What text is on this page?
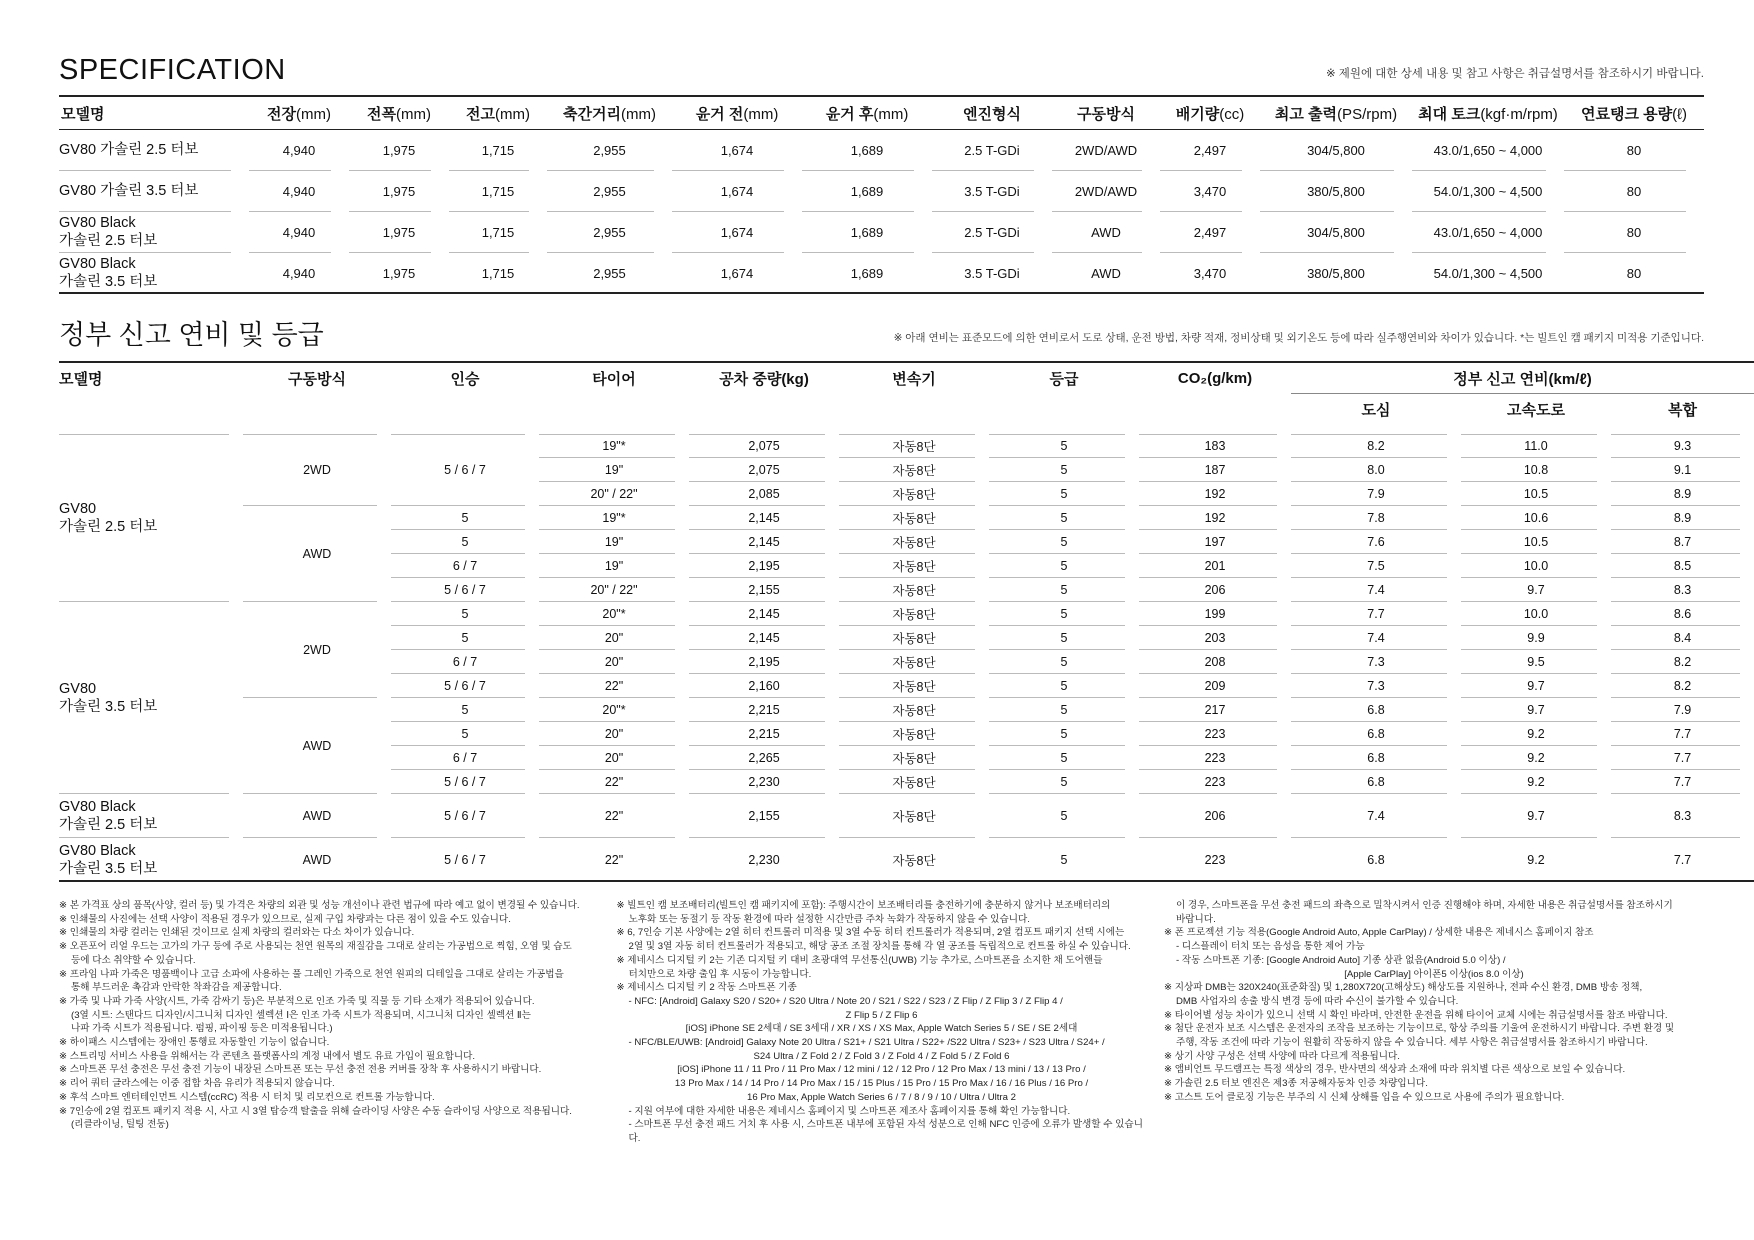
SPECIFICATION	※ 제원에 대한 상세 내용 및 참고 사항은 취급설명서를 참조하시기 바랍니다.
모델명	전장(mm)	전폭(mm)	전고(mm)	축간거리(mm)	윤거 전(mm)	윤거 후(mm)	엔진형식	구동방식	배기량(cc)	최고 출력(PS/rpm)	최대 토크(kgf·m/rpm)	연료탱크 용량(ℓ)
GV80 가솔린 2.5 터보	4,940	1,975	1,715	2,955	1,674	1,689	2.5 T-GDi	2WD/AWD	2,497	304/5,800	43.0/1,650 ~ 4,000	80
GV80 가솔린 3.5 터보	4,940	1,975	1,715	2,955	1,674	1,689	3.5 T-GDi	2WD/AWD	3,470	380/5,800	54.0/1,300 ~ 4,500	80
GV80 Black
가솔린 2.5 터보	4,940	1,975	1,715	2,955	1,674	1,689	2.5 T-GDi	AWD	2,497	304/5,800	43.0/1,650 ~ 4,000	80
GV80 Black
가솔린 3.5 터보	4,940	1,975	1,715	2,955	1,674	1,689	3.5 T-GDi	AWD	3,470	380/5,800	54.0/1,300 ~ 4,500	80
정부 신고 연비 및 등급	※ 아래 연비는 표준모드에 의한 연비로서 도로 상태, 운전 방법, 차량 적재, 정비상태 및 외기온도 등에 따라 실주행연비와 차이가 있습니다. *는 빌트인 캠 패키지 미적용 기준입니다.
모델명	구동방식	인승	타이어	공차 중량(kg)	변속기	등급	CO₂(g/km)	정부 신고 연비(km/ℓ)		
								도심	고속도로	복합

GV80
가솔린 2.5 터보	2WD	5 / 6 / 7	19"*	2,075	자동8단	5	183	8.2	11.0	9.3
			19"	2,075	자동8단	5	187	8.0	10.8	9.1
			20" / 22"	2,085	자동8단	5	192	7.9	10.5	8.9
	AWD	5	19"*	2,145	자동8단	5	192	7.8	10.6	8.9
		5	19"	2,145	자동8단	5	197	7.6	10.5	8.7
		6 / 7	19"	2,195	자동8단	5	201	7.5	10.0	8.5
		5 / 6 / 7	20" / 22"	2,155	자동8단	5	206	7.4	9.7	8.3
GV80
가솔린 3.5 터보	2WD	5	20"*	2,145	자동8단	5	199	7.7	10.0	8.6
		5	20"	2,145	자동8단	5	203	7.4	9.9	8.4
		6 / 7	20"	2,195	자동8단	5	208	7.3	9.5	8.2
		5 / 6 / 7	22"	2,160	자동8단	5	209	7.3	9.7	8.2
	AWD	5	20"*	2,215	자동8단	5	217	6.8	9.7	7.9
		5	20"	2,215	자동8단	5	223	6.8	9.2	7.7
		6 / 7	20"	2,265	자동8단	5	223	6.8	9.2	7.7
		5 / 6 / 7	22"	2,230	자동8단	5	223	6.8	9.2	7.7
GV80 Black
가솔린 2.5 터보	AWD	5 / 6 / 7	22"	2,155	자동8단	5	206	7.4	9.7	8.3
GV80 Black
가솔린 3.5 터보	AWD	5 / 6 / 7	22"	2,230	자동8단	5	223	6.8	9.2	7.7

※ 본 가격표 상의 품목(사양, 컬러 등) 및 가격은 차량의 외관 및 성능 개선이나 관련 법규에 따라 예고 없이 변경될 수 있습니다.

※ 인쇄물의 사진에는 선택 사양이 적용된 경우가 있으므로, 실제 구입 차량과는 다른 점이 있을 수도 있습니다.

※ 인쇄물의 차량 컬러는 인쇄된 것이므로 실제 차량의 컬러와는 다소 차이가 있습니다.

※ 오픈포어 리얼 우드는 고가의 가구 등에 주로 사용되는 천연 원목의 재질감을 그대로 살리는 가공법으로 찍힘, 오염 및 습도

등에 다소 취약할 수 있습니다.

※ 프라임 나파 가죽은 명품백이나 고급 소파에 사용하는 풀 그레인 가죽으로 천연 원피의 디테일을 그대로 살리는 가공법을

통해 부드러운 촉감과 안락한 착좌감을 제공합니다.

※ 가죽 및 나파 가죽 사양(시트, 가죽 감싸기 등)은 부분적으로 인조 가죽 및 직물 등 기타 소재가 적용되어 있습니다.

(3열 시트: 스탠다드 디자인/시그니처 디자인 셀렉션 Ⅰ은 인조 가죽 시트가 적용되며, 시그니처 디자인 셀렉션 Ⅱ는

나파 가죽 시트가 적용됩니다. 펌핑, 파이핑 등은 미적용됩니다.)

※ 하이패스 시스템에는 장애인 통행료 자동할인 기능이 없습니다.

※ 스트리밍 서비스 사용을 위해서는 각 콘텐츠 플랫폼사의 계정 내에서 별도 유료 가입이 필요합니다.

※ 스마트폰 무선 충전은 무선 충전 기능이 내장된 스마트폰 또는 무선 충전 전용 커버를 장착 후 사용하시기 바랍니다.

※ 리어 쿼터 글라스에는 이중 접합 차음 유리가 적용되지 않습니다.

※ 후석 스마트 엔터테인먼트 시스템(ccRC) 적용 시 터치 및 리모컨으로 컨트롤 가능합니다.

※ 7인승에 2열 컴포트 패키지 적용 시, 사고 시 3열 탑승객 탈출을 위해 슬라이딩 사양은 수동 슬라이딩 사양으로 적용됩니다.

(리클라이닝, 틸팅 전동)

※ 빌트인 캠 보조배터리(빌트인 캠 패키지에 포함): 주행시간이 보조배터리를 충전하기에 충분하지 않거나 보조배터리의

노후화 또는 동절기 등 작동 환경에 따라 설정한 시간만큼 주차 녹화가 작동하지 않을 수 있습니다.

※ 6, 7인승 기본 사양에는 2열 히터 컨트롤러 미적용 및 3열 수동 히터 컨트롤러가 적용되며, 2열 컴포트 패키지 선택 시에는

2열 및 3열 자동 히터 컨트롤러가 적용되고, 해당 공조 조절 장치를 통해 각 열 공조를 독립적으로 컨트롤 하실 수 있습니다.

※ 제네시스 디지털 키 2는 기존 디지털 키 대비 초광대역 무선통신(UWB) 기능 추가로, 스마트폰을 소지한 채 도어핸들

터치만으로 차량 출입 후 시동이 가능합니다.

※ 제네시스 디지털 키 2 작동 스마트폰 기종

- NFC: [Android] Galaxy S20 / S20+ / S20 Ultra / Note 20 / S21 / S22 / S23 / Z Flip / Z Flip 3 / Z Flip 4 /

Z Flip 5 / Z Flip 6

[iOS] iPhone SE 2세대 / SE 3세대 / XR / XS / XS Max, Apple Watch Series 5 / SE / SE 2세대

- NFC/BLE/UWB: [Android] Galaxy Note 20 Ultra / S21+ / S21 Ultra / S22+ /S22 Ultra / S23+ / S23 Ultra / S24+ /

S24 Ultra / Z Fold 2 / Z Fold 3 / Z Fold 4 / Z Fold 5 / Z Fold 6

[iOS] iPhone 11 / 11 Pro / 11 Pro Max / 12 mini / 12 / 12 Pro / 12 Pro Max / 13 mini / 13 / 13 Pro /

13 Pro Max / 14 / 14 Pro / 14 Pro Max / 15 / 15 Plus / 15 Pro / 15 Pro Max / 16 / 16 Plus / 16 Pro /

16 Pro Max, Apple Watch Series 6 / 7 / 8 / 9 / 10 / Ultra / Ultra 2

- 지원 여부에 대한 자세한 내용은 제네시스 홈페이지 및 스마트폰 제조사 홈페이지를 통해 확인 가능합니다.

- 스마트폰 무선 충전 패드 거치 후 사용 시, 스마트폰 내부에 포함된 자석 성분으로 인해 NFC 인증에 오류가 발생할 수 있습니다.

이 경우, 스마트폰을 무선 충전 패드의 좌측으로 밀착시켜서 인증 진행해야 하며, 자세한 내용은 취급설명서를 참조하시기

바랍니다.

※ 폰 프로젝션 기능 적용(Google Android Auto, Apple CarPlay) / 상세한 내용은 제네시스 홈페이지 참조

- 디스플레이 터치 또는 음성을 통한 제어 가능

- 작동 스마트폰 기종: [Google Android Auto] 기종 상관 없음(Android 5.0 이상) /

[Apple CarPlay] 아이폰5 이상(ios 8.0 이상)

※ 지상파 DMB는 320X240(표준화질) 및 1,280X720(고해상도) 해상도를 지원하나, 전파 수신 환경, DMB 방송 정책,

DMB 사업자의 송출 방식 변경 등에 따라 수신이 불가할 수 있습니다.

※ 타이어별 성능 차이가 있으니 선택 시 확인 바라며, 안전한 운전을 위해 타이어 교체 시에는 취급설명서를 참조 바랍니다.

※ 첨단 운전자 보조 시스템은 운전자의 조작을 보조하는 기능이므로, 항상 주의를 기울여 운전하시기 바랍니다. 주변 환경 및

주행, 작동 조건에 따라 기능이 원활히 작동하지 않을 수 있습니다. 세부 사항은 취급설명서를 참조하시기 바랍니다.

※ 상기 사양 구성은 선택 사양에 따라 다르게 적용됩니다.

※ 앰비언트 무드램프는 특정 색상의 경우, 반사면의 색상과 소재에 따라 위치별 다른 색상으로 보일 수 있습니다.

※ 가솔린 2.5 터보 엔진은 제3종 저공해자동차 인증 차량입니다.

※ 고스트 도어 클로징 기능은 부주의 시 신체 상해를 입을 수 있으므로 사용에 주의가 필요합니다.
